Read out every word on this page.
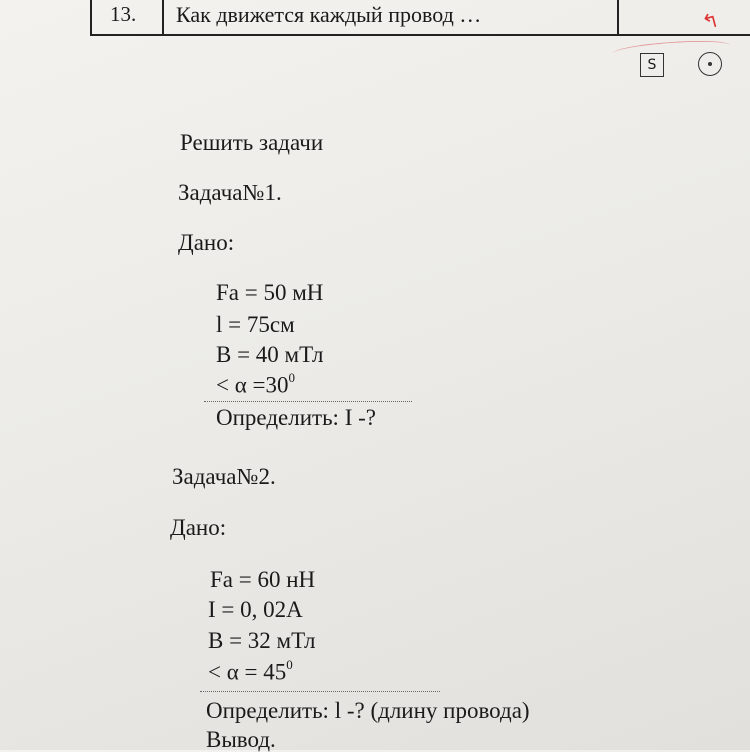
13. Как движется каждый провод …	↰
S
Решить задачи
Задача№1.
Дано:
Fa = 50 мН
l = 75см
B = 40 мТл
< $\alpha =30^0$
Определить: I -?
Задача№2.
Дано:
Fa = 60 нН
I = 0, 02А
B = 32 мТл
< $\alpha = 45^0$
Определить: l -? (длину провода)
Вывод.
